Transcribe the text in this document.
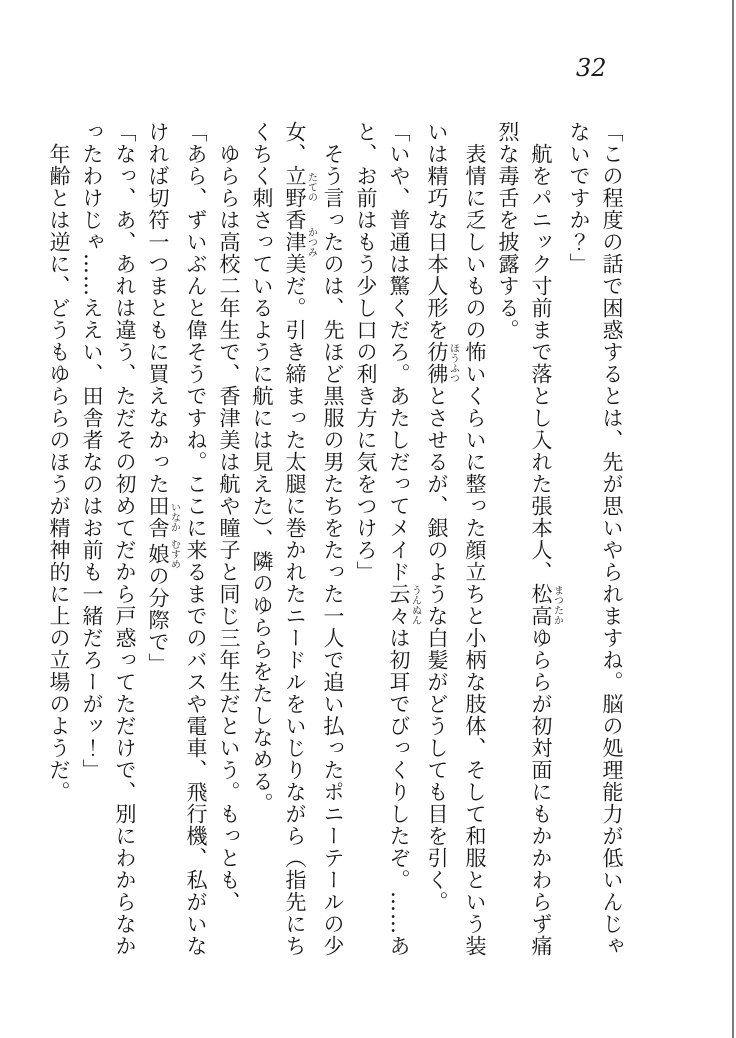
32

「この程度の話で困惑するとは、先が思いやられますね。脳の処理能力が低いんじゃ

ないですか？」

航をパニック寸前まで落とし入れた張本人、松高まつたかゆららが初対面にもかかわらず痛

烈な毒舌を披露する。

表情に乏しいものの怖いくらいに整った顔立ちと小柄な肢体、そして和服という装

いは精巧な日本人形を彷彿ほうふつとさせるが、銀のような白髪がどうしても目を引く。

「いや、普通は驚くだろ。あたしだってメイド云々うんぬんは初耳でびっくりしたぞ。……あ

と、お前はもう少し口の利き方に気をつけろ」

そう言ったのは、先ほど黒服の男たちをたった一人で追い払ったポニーテールの少

女、立野たての香津美かつみだ。引き締まった太腿に巻かれたニードルをいじりながら（指先にち

くちく刺さっているように航には見えた）、隣のゆららをたしなめる。

ゆららは高校二年生で、香津美は航や瞳子と同じ三年生だという。もっとも、

「あら、ずいぶんと偉そうですね。ここに来るまでのバスや電車、飛行機、私がいな

ければ切符一つまともに買えなかった田舎いなか娘むすめの分際で」

「なっ、あ、あれは違う、ただその初めてだから戸惑ってただけで、別にわからなか

ったわけじゃ……ええい、田舎者なのはお前も一緒だろーがッ！」

年齢とは逆に、どうもゆららのほうが精神的に上の立場のようだ。
